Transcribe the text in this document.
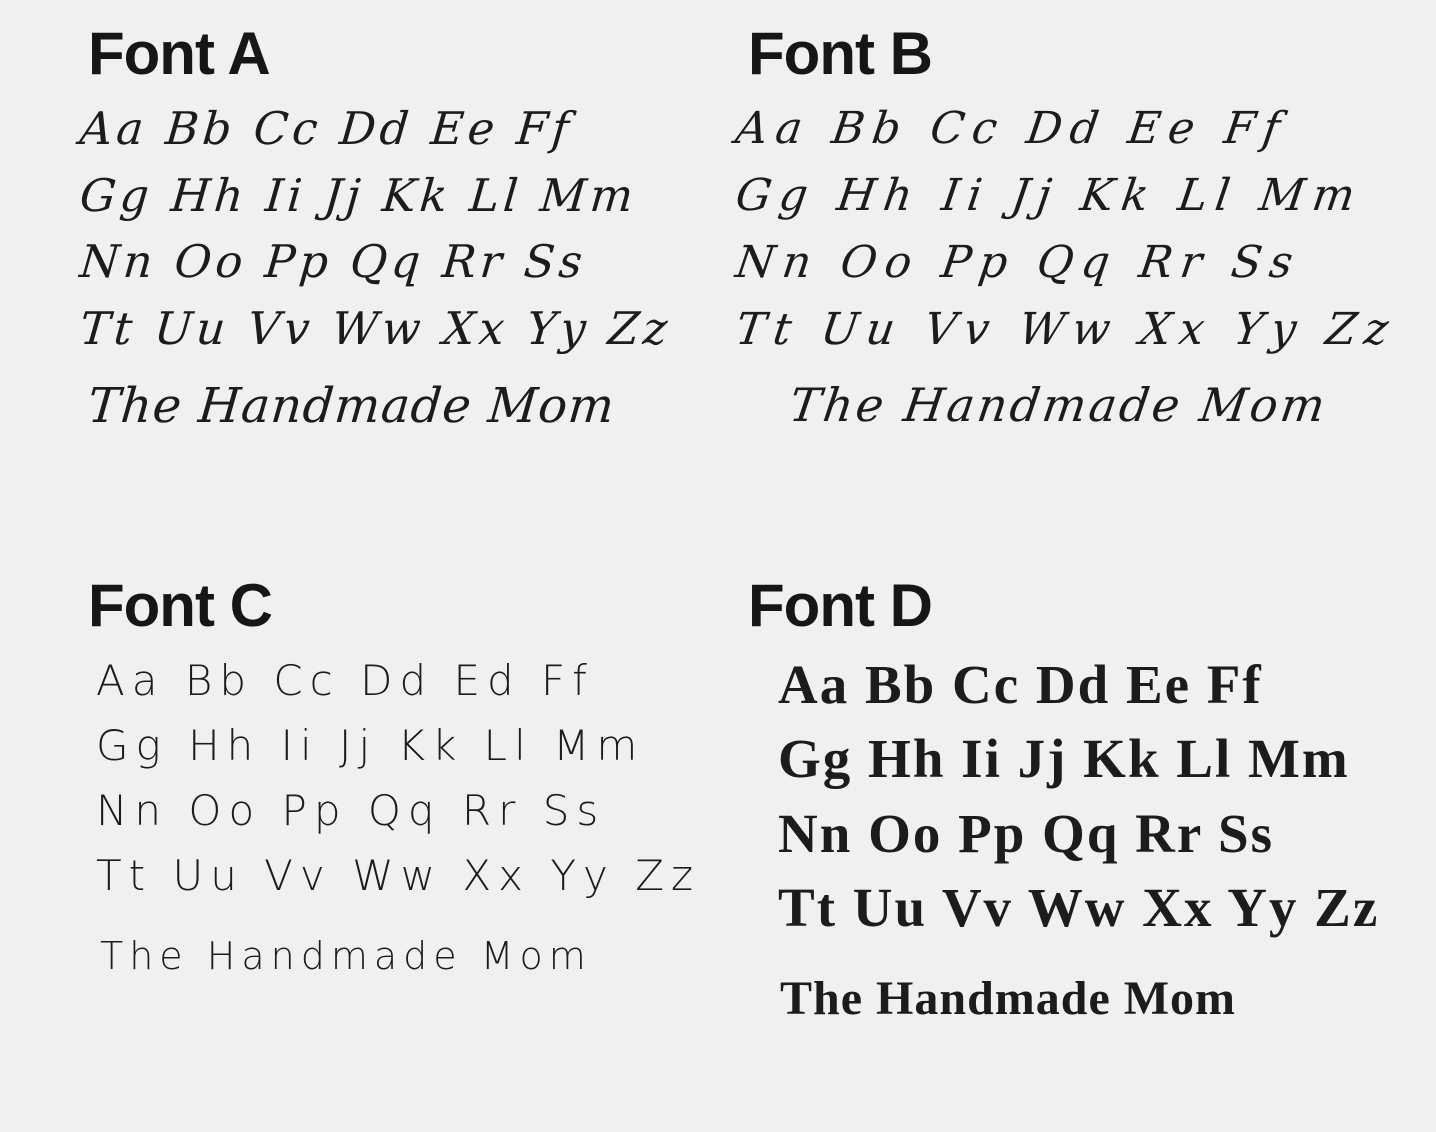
Font A
Aa Bb Cc Dd Ee Ff
Gg Hh Ii Jj Kk Ll Mm
Nn Oo Pp Qq Rr Ss
Tt Uu Vv Ww Xx Yy Zz
The Handmade Mom
Font B
Aa Bb Cc Dd Ee Ff
Gg Hh Ii Jj Kk Ll Mm
Nn Oo Pp Qq Rr Ss
Tt Uu Vv Ww Xx Yy Zz
The Handmade Mom
Font C
Aa Bb Cc Dd Ed Ff
Gg Hh Ii Jj Kk Ll Mm
Nn Oo Pp Qq Rr Ss
Tt Uu Vv Ww Xx Yy Zz
The Handmade Mom
Font D
Aa Bb Cc Dd Ee Ff
Gg Hh Ii Jj Kk Ll Mm
Nn Oo Pp Qq Rr Ss
Tt Uu Vv Ww Xx Yy Zz
The Handmade Mom
